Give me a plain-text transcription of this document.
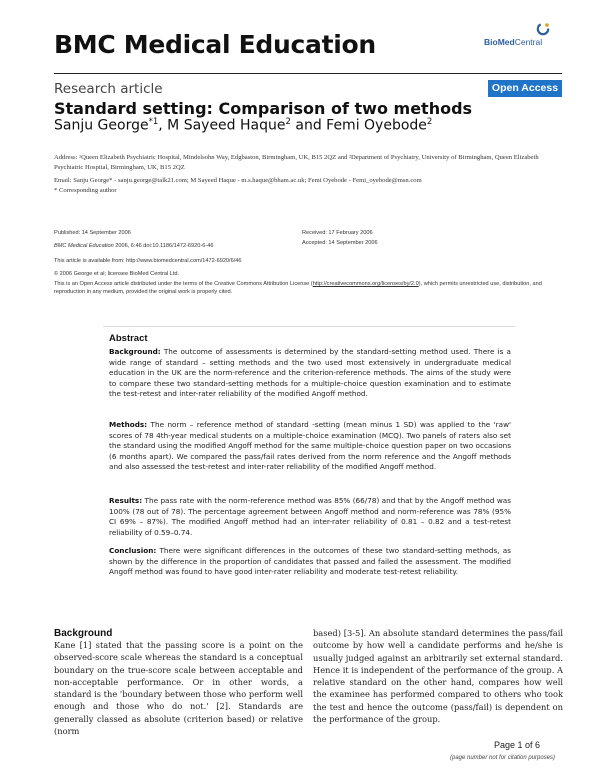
BMC Medical Education	BioMedCentral
Research article	Open Access
Standard setting: Comparison of two methods
Sanju George$^{*1}$, M Sayeed Haque$^2$ and Femi Oyebode$^2$
Address: ¹Queen Elizabeth Psychiatric Hospital, Mindelsohn Way, Edgbaston, Birmingham, UK, B15 2QZ and ²Department of Psychiatry, University of Birmingham, Queen Elizabeth Psychiatric Hospital, Birmingham, UK, B15 2QZ
Email: Sanju George* - sanju.george@talk21.com; M Sayeed Haque - m.s.haque@bham.ac.uk; Femi Oyebode - Femi_oyebode@msn.com
* Corresponding author
Published: 14 September 2006	Received: 17 February 2006
BMC Medical Education 2006, 6:46 doi:10.1186/1472-6920-6-46	Accepted: 14 September 2006
This article is available from: http://www.biomedcentral.com/1472-6920/6/46
© 2006 George et al; licensee BioMed Central Ltd.
This is an Open Access article distributed under the terms of the Creative Commons Attribution License (http://creativecommons.org/licenses/by/2.0), which permits unrestricted use, distribution, and reproduction in any medium, provided the original work is properly cited.
Abstract
Background: The outcome of assessments is determined by the standard-setting method used. There is a wide range of standard – setting methods and the two used most extensively in undergraduate medical education in the UK are the norm-reference and the criterion-reference methods. The aims of the study were to compare these two standard-setting methods for a multiple-choice question examination and to estimate the test-retest and inter-rater reliability of the modified Angoff method.
Methods: The norm – reference method of standard -setting (mean minus 1 SD) was applied to the 'raw' scores of 78 4th-year medical students on a multiple-choice examination (MCQ). Two panels of raters also set the standard using the modified Angoff method for the same multiple-choice question paper on two occasions (6 months apart). We compared the pass/fail rates derived from the norm reference and the Angoff methods and also assessed the test-retest and inter-rater reliability of the modified Angoff method.
Results: The pass rate with the norm-reference method was 85% (66/78) and that by the Angoff method was 100% (78 out of 78). The percentage agreement between Angoff method and norm-reference was 78% (95% CI 69% – 87%). The modified Angoff method had an inter-rater reliability of 0.81 – 0.82 and a test-retest reliability of 0.59–0.74.
Conclusion: There were significant differences in the outcomes of these two standard-setting methods, as shown by the difference in the proportion of candidates that passed and failed the assessment. The modified Angoff method was found to have good inter-rater reliability and moderate test-retest reliability.
Background
Kane [1] stated that the passing score is a point on the observed-score scale whereas the standard is a conceptual boundary on the true-score scale between acceptable and non-acceptable performance. Or in other words, a standard is the 'boundary between those who perform well enough and those who do not.' [2]. Standards are generally classed as absolute (criterion based) or relative (norm
based) [3-5]. An absolute standard determines the pass/fail outcome by how well a candidate performs and he/she is usually judged against an arbitrarily set external standard. Hence it is independent of the performance of the group. A relative standard on the other hand, compares how well the examinee has performed compared to others who took the test and hence the outcome (pass/fail) is dependent on the performance of the group.
Page 1 of 6
(page number not for citation purposes)
